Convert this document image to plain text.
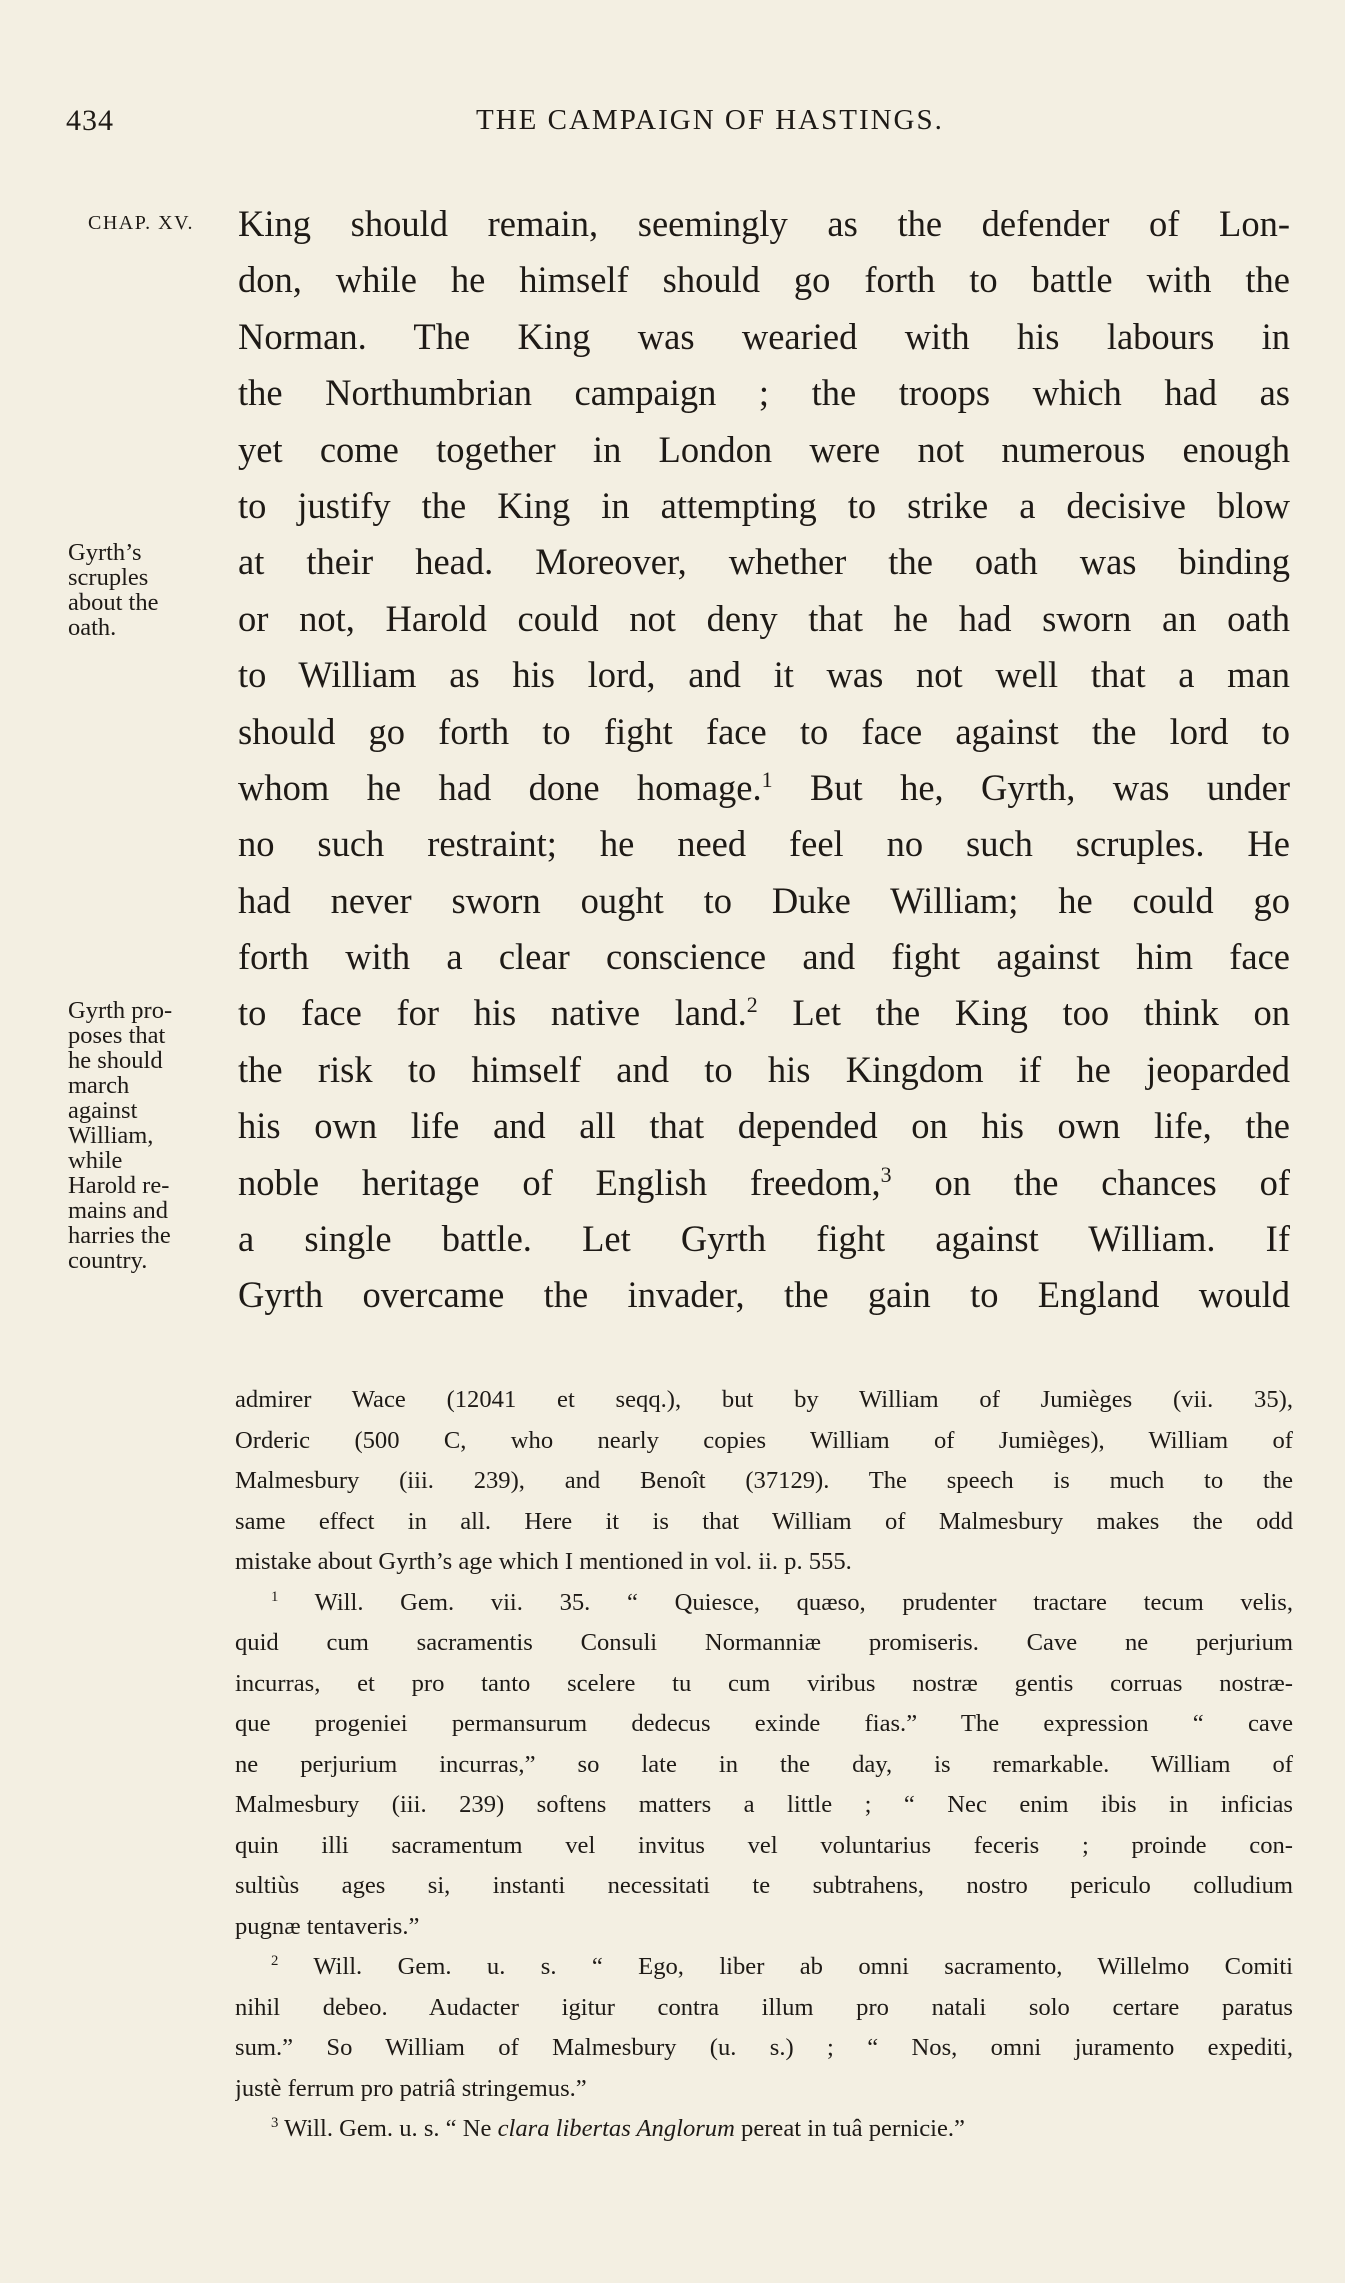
434	THE CAMPAIGN OF HASTINGS.
CHAP. XV.
Gyrth’s
scruples
about the
oath.
Gyrth pro-
poses that
he should
march
against
William,
while
Harold re-
mains and
harries the
country.
King should remain, seemingly as the defender of Lon-
don, while he himself should go forth to battle with the
Norman. The King was wearied with his labours in
the Northumbrian campaign ; the troops which had as
yet come together in London were not numerous enough
to justify the King in attempting to strike a decisive blow
at their head. Moreover, whether the oath was binding
or not, Harold could not deny that he had sworn an oath
to William as his lord, and it was not well that a man
should go forth to fight face to face against the lord to
whom he had done homage.$^1$ But he, Gyrth, was under
no such restraint; he need feel no such scruples. He
had never sworn ought to Duke William; he could go
forth with a clear conscience and fight against him face
to face for his native land.$^2$ Let the King too think on
the risk to himself and to his Kingdom if he jeoparded
his own life and all that depended on his own life, the
noble heritage of English freedom,$^3$ on the chances of
a single battle. Let Gyrth fight against William. If
Gyrth overcame the invader, the gain to England would
admirer Wace (12041 et seqq.), but by William of Jumièges (vii. 35),
Orderic (500 C, who nearly copies William of Jumièges), William of
Malmesbury (iii. 239), and Benoît (37129). The speech is much to the
same effect in all. Here it is that William of Malmesbury makes the odd
mistake about Gyrth’s age which I mentioned in vol. ii. p. 555.
$^1$ Will. Gem. vii. 35. “ Quiesce, quæso, prudenter tractare tecum velis,
quid cum sacramentis Consuli Normanniæ promiseris. Cave ne perjurium
incurras, et pro tanto scelere tu cum viribus nostræ gentis corruas nostræ-
que progeniei permansurum dedecus exinde fias.” The expression “ cave
ne perjurium incurras,” so late in the day, is remarkable. William of
Malmesbury (iii. 239) softens matters a little ; “ Nec enim ibis in inficias
quin illi sacramentum vel invitus vel voluntarius feceris ; proinde con-
sultiùs ages si, instanti necessitati te subtrahens, nostro periculo colludium
pugnæ tentaveris.”
$^2$ Will. Gem. u. s. “ Ego, liber ab omni sacramento, Willelmo Comiti
nihil debeo. Audacter igitur contra illum pro natali solo certare paratus
sum.” So William of Malmesbury (u. s.) ; “ Nos, omni juramento expediti,
justè ferrum pro patriâ stringemus.”
$^3$ Will. Gem. u. s. “ Ne clara libertas Anglorum pereat in tuâ pernicie.”
